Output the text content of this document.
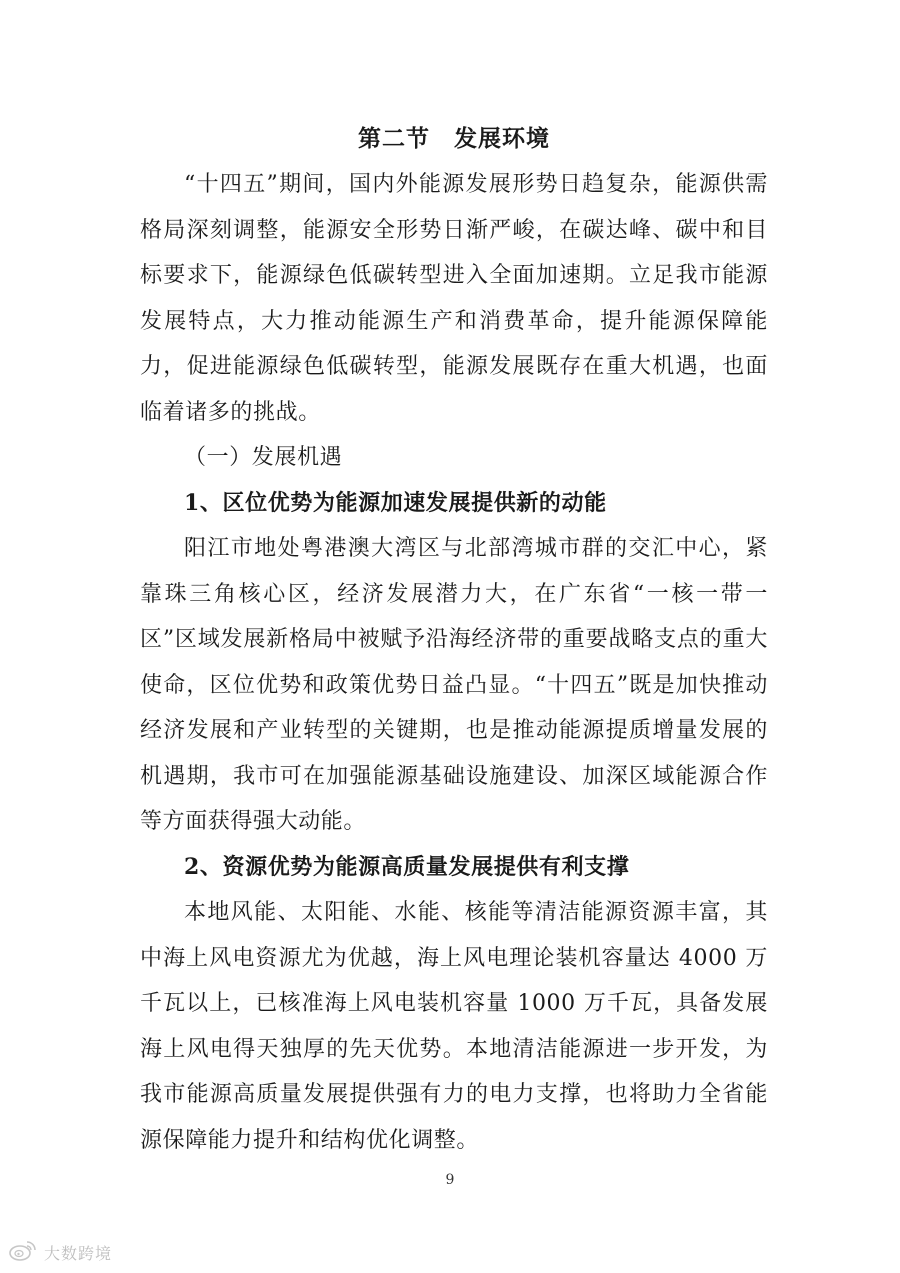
第二节　发展环境

“十四五”期间，国内外能源发展形势日趋复杂，能源供需格局深刻调整，能源安全形势日渐严峻，在碳达峰、碳中和目标要求下，能源绿色低碳转型进入全面加速期。立足我市能源发展特点，大力推动能源生产和消费革命，提升能源保障能力，促进能源绿色低碳转型，能源发展既存在重大机遇，也面临着诸多的挑战。

（一）发展机遇

1、区位优势为能源加速发展提供新的动能

阳江市地处粤港澳大湾区与北部湾城市群的交汇中心，紧靠珠三角核心区，经济发展潜力大，在广东省“一核一带一区”区域发展新格局中被赋予沿海经济带的重要战略支点的重大使命，区位优势和政策优势日益凸显。“十四五”既是加快推动经济发展和产业转型的关键期，也是推动能源提质增量发展的机遇期，我市可在加强能源基础设施建设、加深区域能源合作等方面获得强大动能。

2、资源优势为能源高质量发展提供有利支撑

本地风能、太阳能、水能、核能等清洁能源资源丰富，其中海上风电资源尤为优越，海上风电理论装机容量达 4000 万千瓦以上，已核准海上风电装机容量 1000 万千瓦，具备发展海上风电得天独厚的先天优势。本地清洁能源进一步开发，为我市能源高质量发展提供强有力的电力支撑，也将助力全省能源保障能力提升和结构优化调整。

9
大数跨境
